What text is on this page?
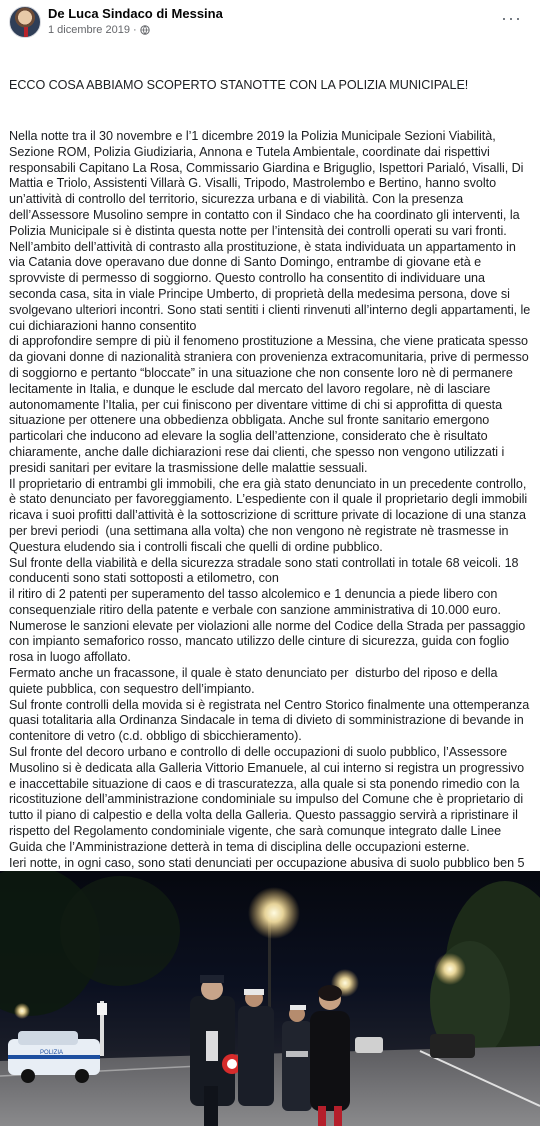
De Luca Sindaco di Messina
1 dicembre 2019 ·
···

ECCO COSA ABBIAMO SCOPERTO STANOTTE CON LA POLIZIA MUNICIPALE!

Nella notte tra il 30 novembre e l’1 dicembre 2019 la Polizia Municipale Sezioni Viabilità, Sezione ROM, Polizia Giudiziaria, Annona e Tutela Ambientale, coordinate dai rispettivi responsabili Capitano La Rosa, Commissario Giardina e Briguglio, Ispettori Parialó, Visalli, Di Mattia e Triolo, Assistenti Villarà G. Visalli, Tripodo, Mastrolembo e Bertino, hanno svolto un’attività di controllo del territorio, sicurezza urbana e di viabilità. Con la presenza dell’Assessore Musolino sempre in contatto con il Sindaco che ha coordinato gli interventi, la Polizia Municipale si è distinta questa notte per l’intensità dei controlli operati su vari fronti.
Nell’ambito dell’attività di contrasto alla prostituzione, è stata individuata un appartamento in via Catania dove operavano due donne di Santo Domingo, entrambe di giovane età e sprovviste di permesso di soggiorno. Questo controllo ha consentito di individuare una seconda casa, sita in viale Principe Umberto, di proprietà della medesima persona, dove si svolgevano ulteriori incontri. Sono stati sentiti i clienti rinvenuti all’interno degli appartamenti, le cui dichiarazioni hanno consentito
di approfondire sempre di più il fenomeno prostituzione a Messina, che viene praticata spesso da giovani donne di nazionalità straniera con provenienza extracomunitaria, prive di permesso di soggiorno e pertanto “bloccate” in una situazione che non consente loro nè di permanere lecitamente in Italia, e dunque le esclude dal mercato del lavoro regolare, nè di lasciare autonomamente l’Italia, per cui finiscono per diventare vittime di chi si approfitta di questa situazione per ottenere una obbedienza obbligata. Anche sul fronte sanitario emergono particolari che inducono ad elevare la soglia dell’attenzione, considerato che è risultato chiaramente, anche dalle dichiarazioni rese dai clienti, che spesso non vengono utilizzati i presidi sanitari per evitare la trasmissione delle malattie sessuali.
Il proprietario di entrambi gli immobili, che era già stato denunciato in un precedente controllo, è stato denunciato per favoreggiamento. L’espediente con il quale il proprietario degli immobili ricava i suoi profitti dall’attività è la sottoscrizione di scritture private di locazione di una stanza per brevi periodi  (una settimana alla volta) che non vengono nè registrate nè trasmesse in Questura eludendo sia i controlli fiscali che quelli di ordine pubblico.
Sul fronte della viabilità e della sicurezza stradale sono stati controllati in totale 68 veicoli. 18 conducenti sono stati sottoposti a etilometro, con
il ritiro di 2 patenti per superamento del tasso alcolemico e 1 denuncia a piede libero con consequenziale ritiro della patente e verbale con sanzione amministrativa di 10.000 euro.
Numerose le sanzioni elevate per violazioni alle norme del Codice della Strada per passaggio con impianto semaforico rosso, mancato utilizzo delle cinture di sicurezza, guida con foglio rosa in luogo affollato.
Fermato anche un fracassone, il quale è stato denunciato per  disturbo del riposo e della quiete pubblica, con sequestro dell’impianto.
Sul fronte controlli della movida si è registrata nel Centro Storico finalmente una ottemperanza quasi totalitaria alla Ordinanza Sindacale in tema di divieto di somministrazione di bevande in contenitore di vetro (c.d. obbligo di sbicchieramento).
Sul fronte del decoro urbano e controllo di delle occupazioni di suolo pubblico, l’Assessore Musolino si è dedicata alla Galleria Vittorio Emanuele, al cui interno si registra un progressivo e inaccettabile situazione di caos e di trascuratezza, alla quale si sta ponendo rimedio con la ricostituzione dell’amministrazione condominiale su impulso del Comune che è proprietario di tutto il piano di calpestio e della volta della Galleria. Questo passaggio servirà a ripristinare il rispetto del Regolamento condominiale vigente, che sarà comunque integrato dalle Linee Guida che l’Amministrazione detterà in tema di disciplina delle occupazioni esterne.
Ieri notte, in ogni caso, sono stati denunciati per occupazione abusiva di suolo pubblico ben 5

POLIZIA
